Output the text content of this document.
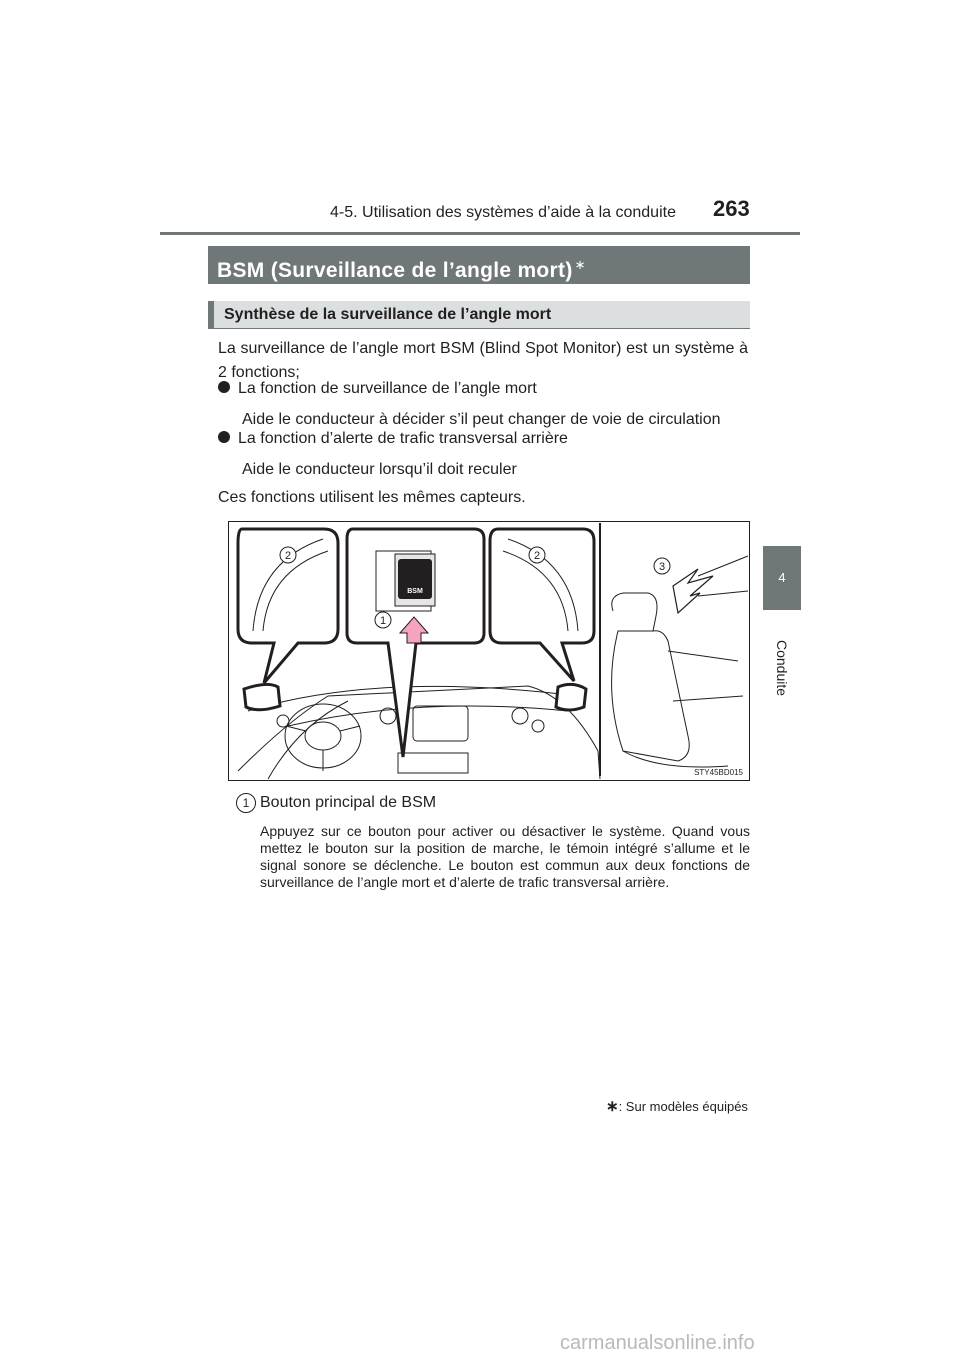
4-5. Utilisation des systèmes d’aide à la conduite 263
4
Conduite
BSM (Surveillance de l’angle mort) ∗
Synthèse de la surveillance de l’angle mort
La surveillance de l’angle mort BSM (Blind Spot Monitor) est un système à 2 fonctions;
La fonction de surveillance de l’angle mort
Aide le conducteur à décider s’il peut changer de voie de circulation
La fonction d’alerte de trafic transversal arrière
Aide le conducteur lorsqu’il doit reculer
Ces fonctions utilisent les mêmes capteurs.
BSM
1
2	2
3
STY45BD015
1 Bouton principal de BSM
Appuyez sur ce bouton pour activer ou désactiver le système. Quand vous mettez le bouton sur la position de marche, le témoin intégré s’allume et le signal sonore se déclenche. Le bouton est commun aux deux fonctions de surveillance de l’angle mort et d’alerte de trafic transversal arrière.
∗: Sur modèles équipés
carmanualsonline.info
